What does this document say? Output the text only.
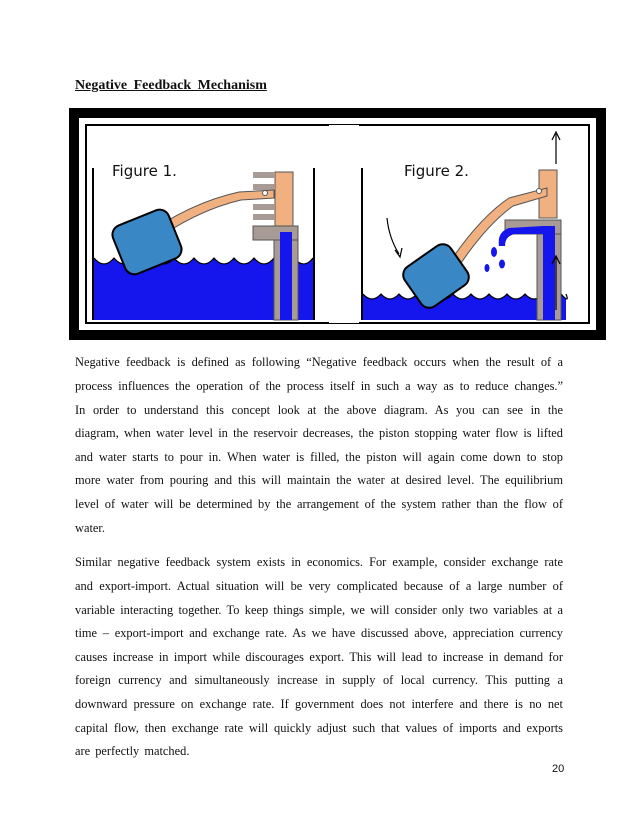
Negative Feedback Mechanism
Figure 1.	Figure 2.

Negative feedback is defined as following “Negative feedback occurs when the result of a process influences the operation of the process itself in such a way as to reduce changes.” In order to understand this concept look at the above diagram. As you can see in the diagram, when water level in the reservoir decreases, the piston stopping water flow is lifted and water starts to pour in. When water is filled, the piston will again come down to stop more water from pouring and this will maintain the water at desired level. The equilibrium level of water will be determined by the arrangement of the system rather than the flow of water.

Similar negative feedback system exists in economics. For example, consider exchange rate and export-import. Actual situation will be very complicated because of a large number of variable interacting together. To keep things simple, we will consider only two variables at a time – export-import and exchange rate. As we have discussed above, appreciation currency causes increase in import while discourages export. This will lead to increase in demand for foreign currency and simultaneously increase in supply of local currency. This putting a downward pressure on exchange rate. If government does not interfere and there is no net capital flow, then exchange rate will quickly adjust such that values of imports and exports are perfectly matched.

20
